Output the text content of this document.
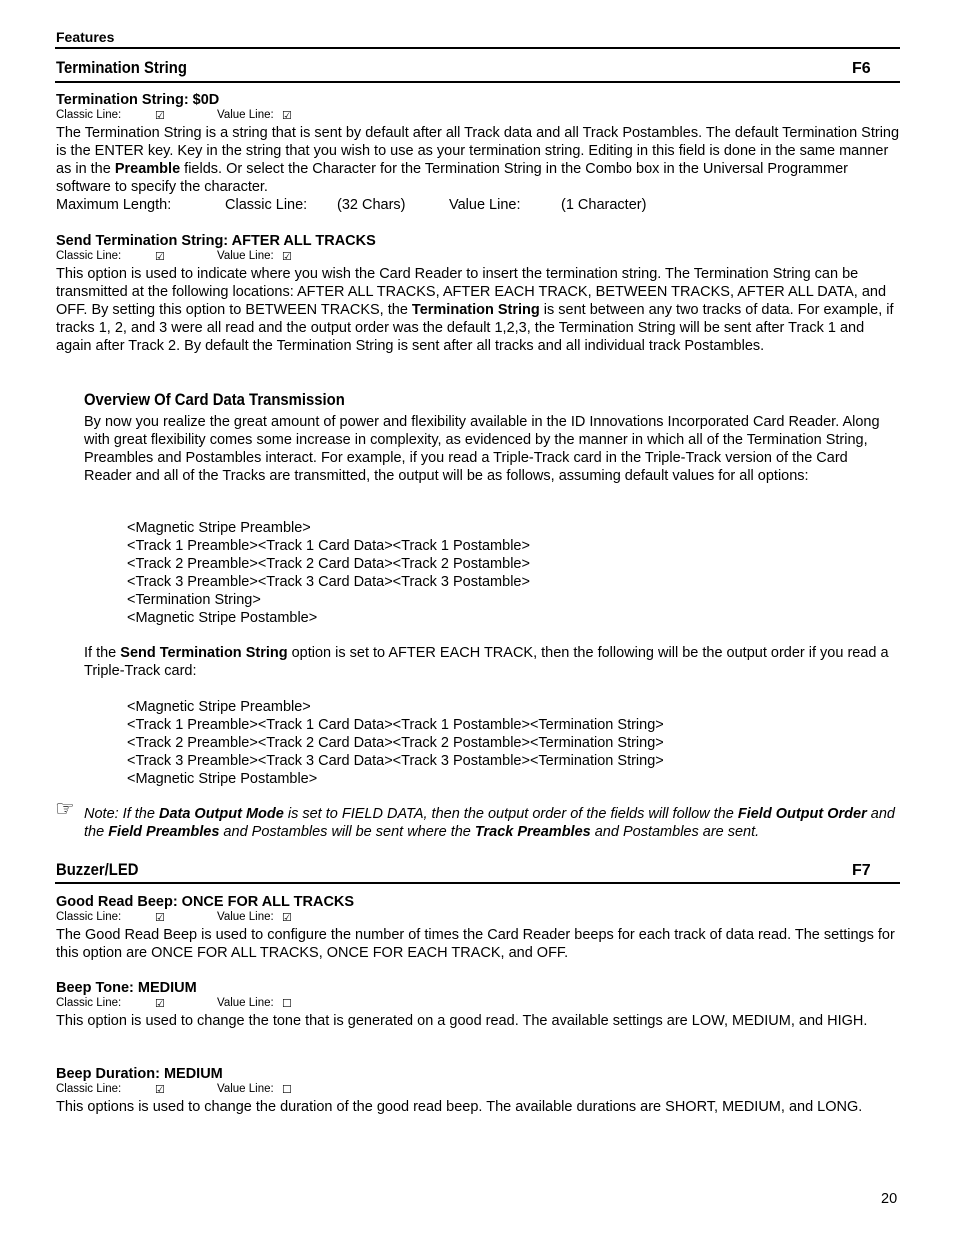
Features
Termination String	F6
Termination String: $0D
Classic Line:	☑	Value Line: ☑
The Termination String is a string that is sent by default after all Track data and all Track Postambles. The default Termination String is the ENTER key. Key in the string that you wish to use as your termination string. Editing in this field is done in the same manner as in the Preamble fields. Or select the Character for the Termination String in the Combo box in the Universal Programmer software to specify the character.
Maximum Length:	Classic Line: (32 Chars)	Value Line:	(1 Character)
Send Termination String: AFTER ALL TRACKS
Classic Line:	☑	Value Line: ☑
This option is used to indicate where you wish the Card Reader to insert the termination string. The Termination String can be transmitted at the following locations: AFTER ALL TRACKS, AFTER EACH TRACK, BETWEEN TRACKS, AFTER ALL DATA, and OFF. By setting this option to BETWEEN TRACKS, the Termination String is sent between any two tracks of data. For example, if tracks 1, 2, and 3 were all read and the output order was the default 1,2,3, the Termination String will be sent after Track 1 and again after Track 2. By default the Termination String is sent after all tracks and all individual track Postambles.
Overview Of Card Data Transmission
By now you realize the great amount of power and flexibility available in the ID Innovations Incorporated Card Reader. Along with great flexibility comes some increase in complexity, as evidenced by the manner in which all of the Termination String, Preambles and Postambles interact. For example, if you read a Triple-Track card in the Triple-Track version of the Card Reader and all of the Tracks are transmitted, the output will be as follows, assuming default values for all options:
<Magnetic Stripe Preamble>
<Track 1 Preamble><Track 1 Card Data><Track 1 Postamble>
<Track 2 Preamble><Track 2 Card Data><Track 2 Postamble>
<Track 3 Preamble><Track 3 Card Data><Track 3 Postamble>
<Termination String>
<Magnetic Stripe Postamble>
If the Send Termination String option is set to AFTER EACH TRACK, then the following will be the output order if you read a Triple-Track card:
<Magnetic Stripe Preamble>
<Track 1 Preamble><Track 1 Card Data><Track 1 Postamble><Termination String>
<Track 2 Preamble><Track 2 Card Data><Track 2 Postamble><Termination String>
<Track 3 Preamble><Track 3 Card Data><Track 3 Postamble><Termination String>
<Magnetic Stripe Postamble>
☞ Note: If the Data Output Mode is set to FIELD DATA, then the output order of the fields will follow the Field Output Order and the Field Preambles and Postambles will be sent where the Track Preambles and Postambles are sent.
Buzzer/LED	F7
Good Read Beep: ONCE FOR ALL TRACKS
Classic Line:	☑	Value Line: ☑
The Good Read Beep is used to configure the number of times the Card Reader beeps for each track of data read. The settings for this option are ONCE FOR ALL TRACKS, ONCE FOR EACH TRACK, and OFF.
Beep Tone: MEDIUM
Classic Line:	☑	Value Line: ☐
This option is used to change the tone that is generated on a good read. The available settings are LOW, MEDIUM, and HIGH.
Beep Duration: MEDIUM
Classic Line:	☑	Value Line: ☐
This options is used to change the duration of the good read beep. The available durations are SHORT, MEDIUM, and LONG.
20
